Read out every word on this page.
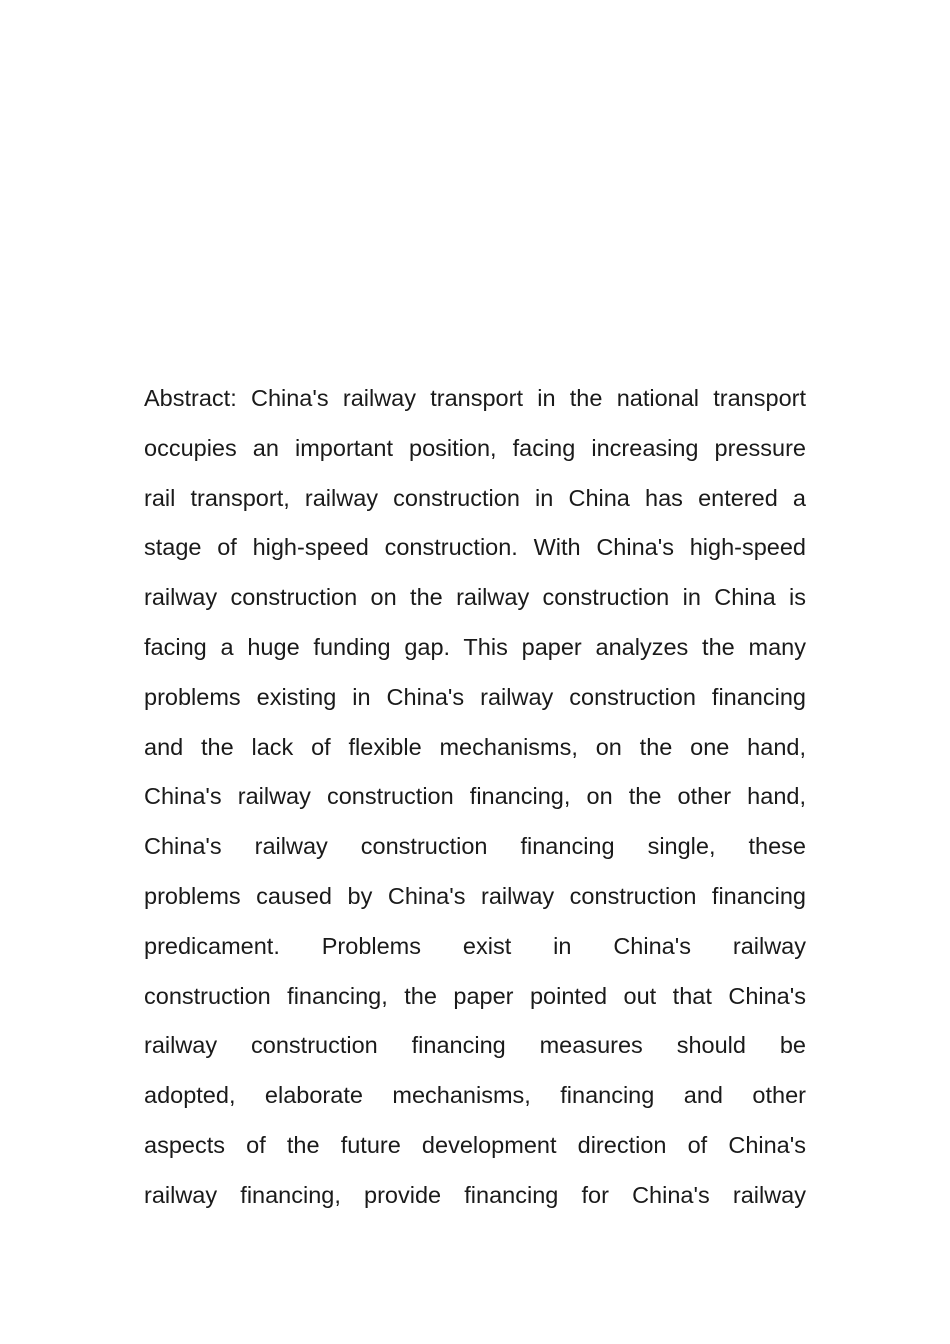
Abstract: China's railway transport in the national transport
occupies an important position, facing increasing pressure
rail transport, railway construction in China has entered a
stage of high-speed construction. With China's high-speed
railway construction on the railway construction in China is
facing a huge funding gap. This paper analyzes the many
problems existing in China's railway construction financing
and the lack of flexible mechanisms, on the one hand,
China's railway construction financing, on the other hand,
China's railway construction financing single, these
problems caused by China's railway construction financing
predicament. Problems exist in China's railway
construction financing, the paper pointed out that China's
railway construction financing measures should be
adopted, elaborate mechanisms, financing and other
aspects of the future development direction of China's
railway financing, provide financing for China's railway
